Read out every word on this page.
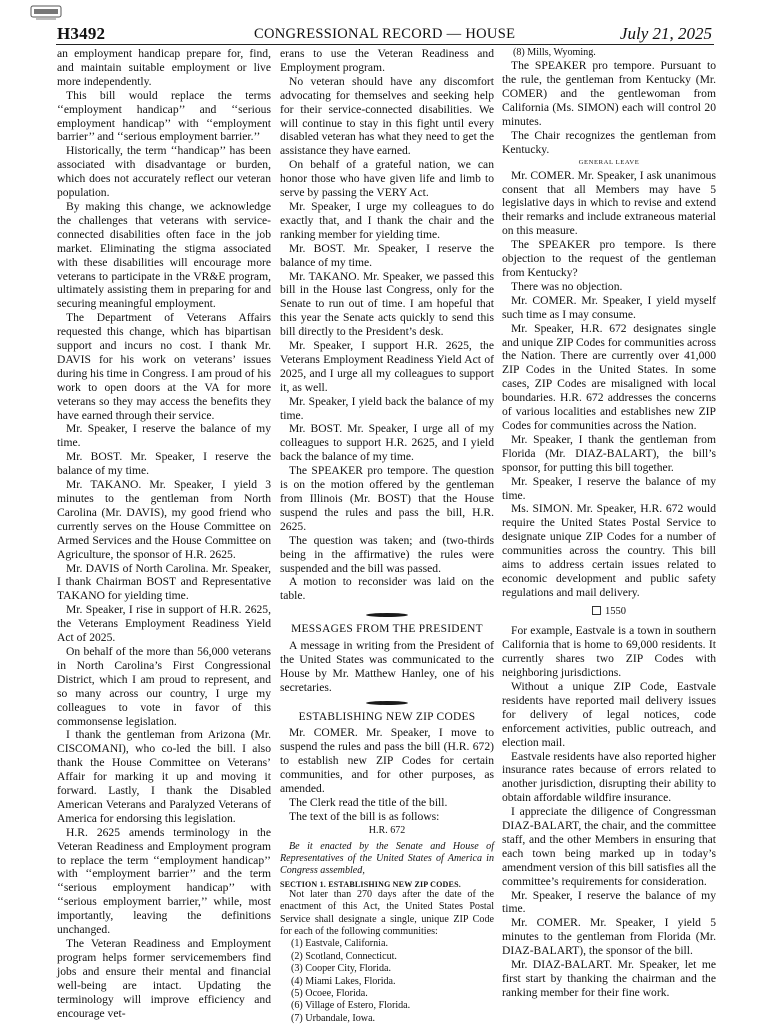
H3492	CONGRESSIONAL RECORD — HOUSE	July 21, 2025

an employment handicap prepare for, find, and maintain suitable employment or live more independently.

This bill would replace the terms ‘‘employment handicap’’ and ‘‘serious employment handicap’’ with ‘‘employment barrier’’ and ‘‘serious employment barrier.’’

Historically, the term ‘‘handicap’’ has been associated with disadvantage or burden, which does not accurately reflect our veteran population.

By making this change, we acknowledge the challenges that veterans with service-connected disabilities often face in the job market. Eliminating the stigma associated with these disabilities will encourage more veterans to participate in the VR&E program, ultimately assisting them in preparing for and securing meaningful employment.

The Department of Veterans Affairs requested this change, which has bipartisan support and incurs no cost. I thank Mr. DAVIS for his work on veterans’ issues during his time in Congress. I am proud of his work to open doors at the VA for more veterans so they may access the benefits they have earned through their service.

Mr. Speaker, I reserve the balance of my time.

Mr. BOST. Mr. Speaker, I reserve the balance of my time.

Mr. TAKANO. Mr. Speaker, I yield 3 minutes to the gentleman from North Carolina (Mr. DAVIS), my good friend who currently serves on the House Committee on Armed Services and the House Committee on Agriculture, the sponsor of H.R. 2625.

Mr. DAVIS of North Carolina. Mr. Speaker, I thank Chairman BOST and Representative TAKANO for yielding time.

Mr. Speaker, I rise in support of H.R. 2625, the Veterans Employment Readiness Yield Act of 2025.

On behalf of the more than 56,000 veterans in North Carolina’s First Congressional District, which I am proud to represent, and so many across our country, I urge my colleagues to vote in favor of this commonsense legislation.

I thank the gentleman from Arizona (Mr. CISCOMANI), who co-led the bill. I also thank the House Committee on Veterans’ Affair for marking it up and moving it forward. Lastly, I thank the Disabled American Veterans and Paralyzed Veterans of America for endorsing this legislation.

H.R. 2625 amends terminology in the Veteran Readiness and Employment program to replace the term ‘‘employment handicap’’ with ‘‘employment barrier’’ and the term ‘‘serious employment handicap’’ with ‘‘serious employment barrier,’’ while, most importantly, leaving the definitions unchanged.

The Veteran Readiness and Employment program helps former servicemembers find jobs and ensure their mental and financial well-being are intact. Updating the terminology will improve efficiency and encourage vet-

erans to use the Veteran Readiness and Employment program.

No veteran should have any discomfort advocating for themselves and seeking help for their service-connected disabilities. We will continue to stay in this fight until every disabled veteran has what they need to get the assistance they have earned.

On behalf of a grateful nation, we can honor those who have given life and limb to serve by passing the VERY Act.

Mr. Speaker, I urge my colleagues to do exactly that, and I thank the chair and the ranking member for yielding time.

Mr. BOST. Mr. Speaker, I reserve the balance of my time.

Mr. TAKANO. Mr. Speaker, we passed this bill in the House last Congress, only for the Senate to run out of time. I am hopeful that this year the Senate acts quickly to send this bill directly to the President’s desk.

Mr. Speaker, I support H.R. 2625, the Veterans Employment Readiness Yield Act of 2025, and I urge all my colleagues to support it, as well.

Mr. Speaker, I yield back the balance of my time.

Mr. BOST. Mr. Speaker, I urge all of my colleagues to support H.R. 2625, and I yield back the balance of my time.

The SPEAKER pro tempore. The question is on the motion offered by the gentleman from Illinois (Mr. BOST) that the House suspend the rules and pass the bill, H.R. 2625.

The question was taken; and (two-thirds being in the affirmative) the rules were suspended and the bill was passed.

A motion to reconsider was laid on the table.

MESSAGES FROM THE PRESIDENT

A message in writing from the President of the United States was communicated to the House by Mr. Matthew Hanley, one of his secretaries.

ESTABLISHING NEW ZIP CODES

Mr. COMER. Mr. Speaker, I move to suspend the rules and pass the bill (H.R. 672) to establish new ZIP Codes for certain communities, and for other purposes, as amended.

The Clerk read the title of the bill.

The text of the bill is as follows:

H.R. 672

Be it enacted by the Senate and House of Representatives of the United States of America in Congress assembled,

SECTION 1. ESTABLISHING NEW ZIP CODES.

Not later than 270 days after the date of the enactment of this Act, the United States Postal Service shall designate a single, unique ZIP Code for each of the following communities:

(1) Eastvale, California.
(2) Scotland, Connecticut.
(3) Cooper City, Florida.
(4) Miami Lakes, Florida.
(5) Ocoee, Florida.
(6) Village of Estero, Florida.
(7) Urbandale, Iowa.
(8) Mills, Wyoming.

The SPEAKER pro tempore. Pursuant to the rule, the gentleman from Kentucky (Mr. COMER) and the gentlewoman from California (Ms. SIMON) each will control 20 minutes.

The Chair recognizes the gentleman from Kentucky.

GENERAL LEAVE

Mr. COMER. Mr. Speaker, I ask unanimous consent that all Members may have 5 legislative days in which to revise and extend their remarks and include extraneous material on this measure.

The SPEAKER pro tempore. Is there objection to the request of the gentleman from Kentucky?

There was no objection.

Mr. COMER. Mr. Speaker, I yield myself such time as I may consume.

Mr. Speaker, H.R. 672 designates single and unique ZIP Codes for communities across the Nation. There are currently over 41,000 ZIP Codes in the United States. In some cases, ZIP Codes are misaligned with local boundaries. H.R. 672 addresses the concerns of various localities and establishes new ZIP Codes for communities across the Nation.

Mr. Speaker, I thank the gentleman from Florida (Mr. DIAZ-BALART), the bill’s sponsor, for putting this bill together.

Mr. Speaker, I reserve the balance of my time.

Ms. SIMON. Mr. Speaker, H.R. 672 would require the United States Postal Service to designate unique ZIP Codes for a number of communities across the country. This bill aims to address certain issues related to economic development and public safety regulations and mail delivery.

1550

For example, Eastvale is a town in southern California that is home to 69,000 residents. It currently shares two ZIP Codes with neighboring jurisdictions.

Without a unique ZIP Code, Eastvale residents have reported mail delivery issues for delivery of legal notices, code enforcement activities, public outreach, and election mail.

Eastvale residents have also reported higher insurance rates because of errors related to another jurisdiction, disrupting their ability to obtain affordable wildfire insurance.

I appreciate the diligence of Congressman DIAZ-BALART, the chair, and the committee staff, and the other Members in ensuring that each town being marked up in today’s amendment version of this bill satisfies all the committee’s requirements for consideration.

Mr. Speaker, I reserve the balance of my time.

Mr. COMER. Mr. Speaker, I yield 5 minutes to the gentleman from Florida (Mr. DIAZ-BALART), the sponsor of the bill.

Mr. DIAZ-BALART. Mr. Speaker, let me first start by thanking the chairman and the ranking member for their fine work.
